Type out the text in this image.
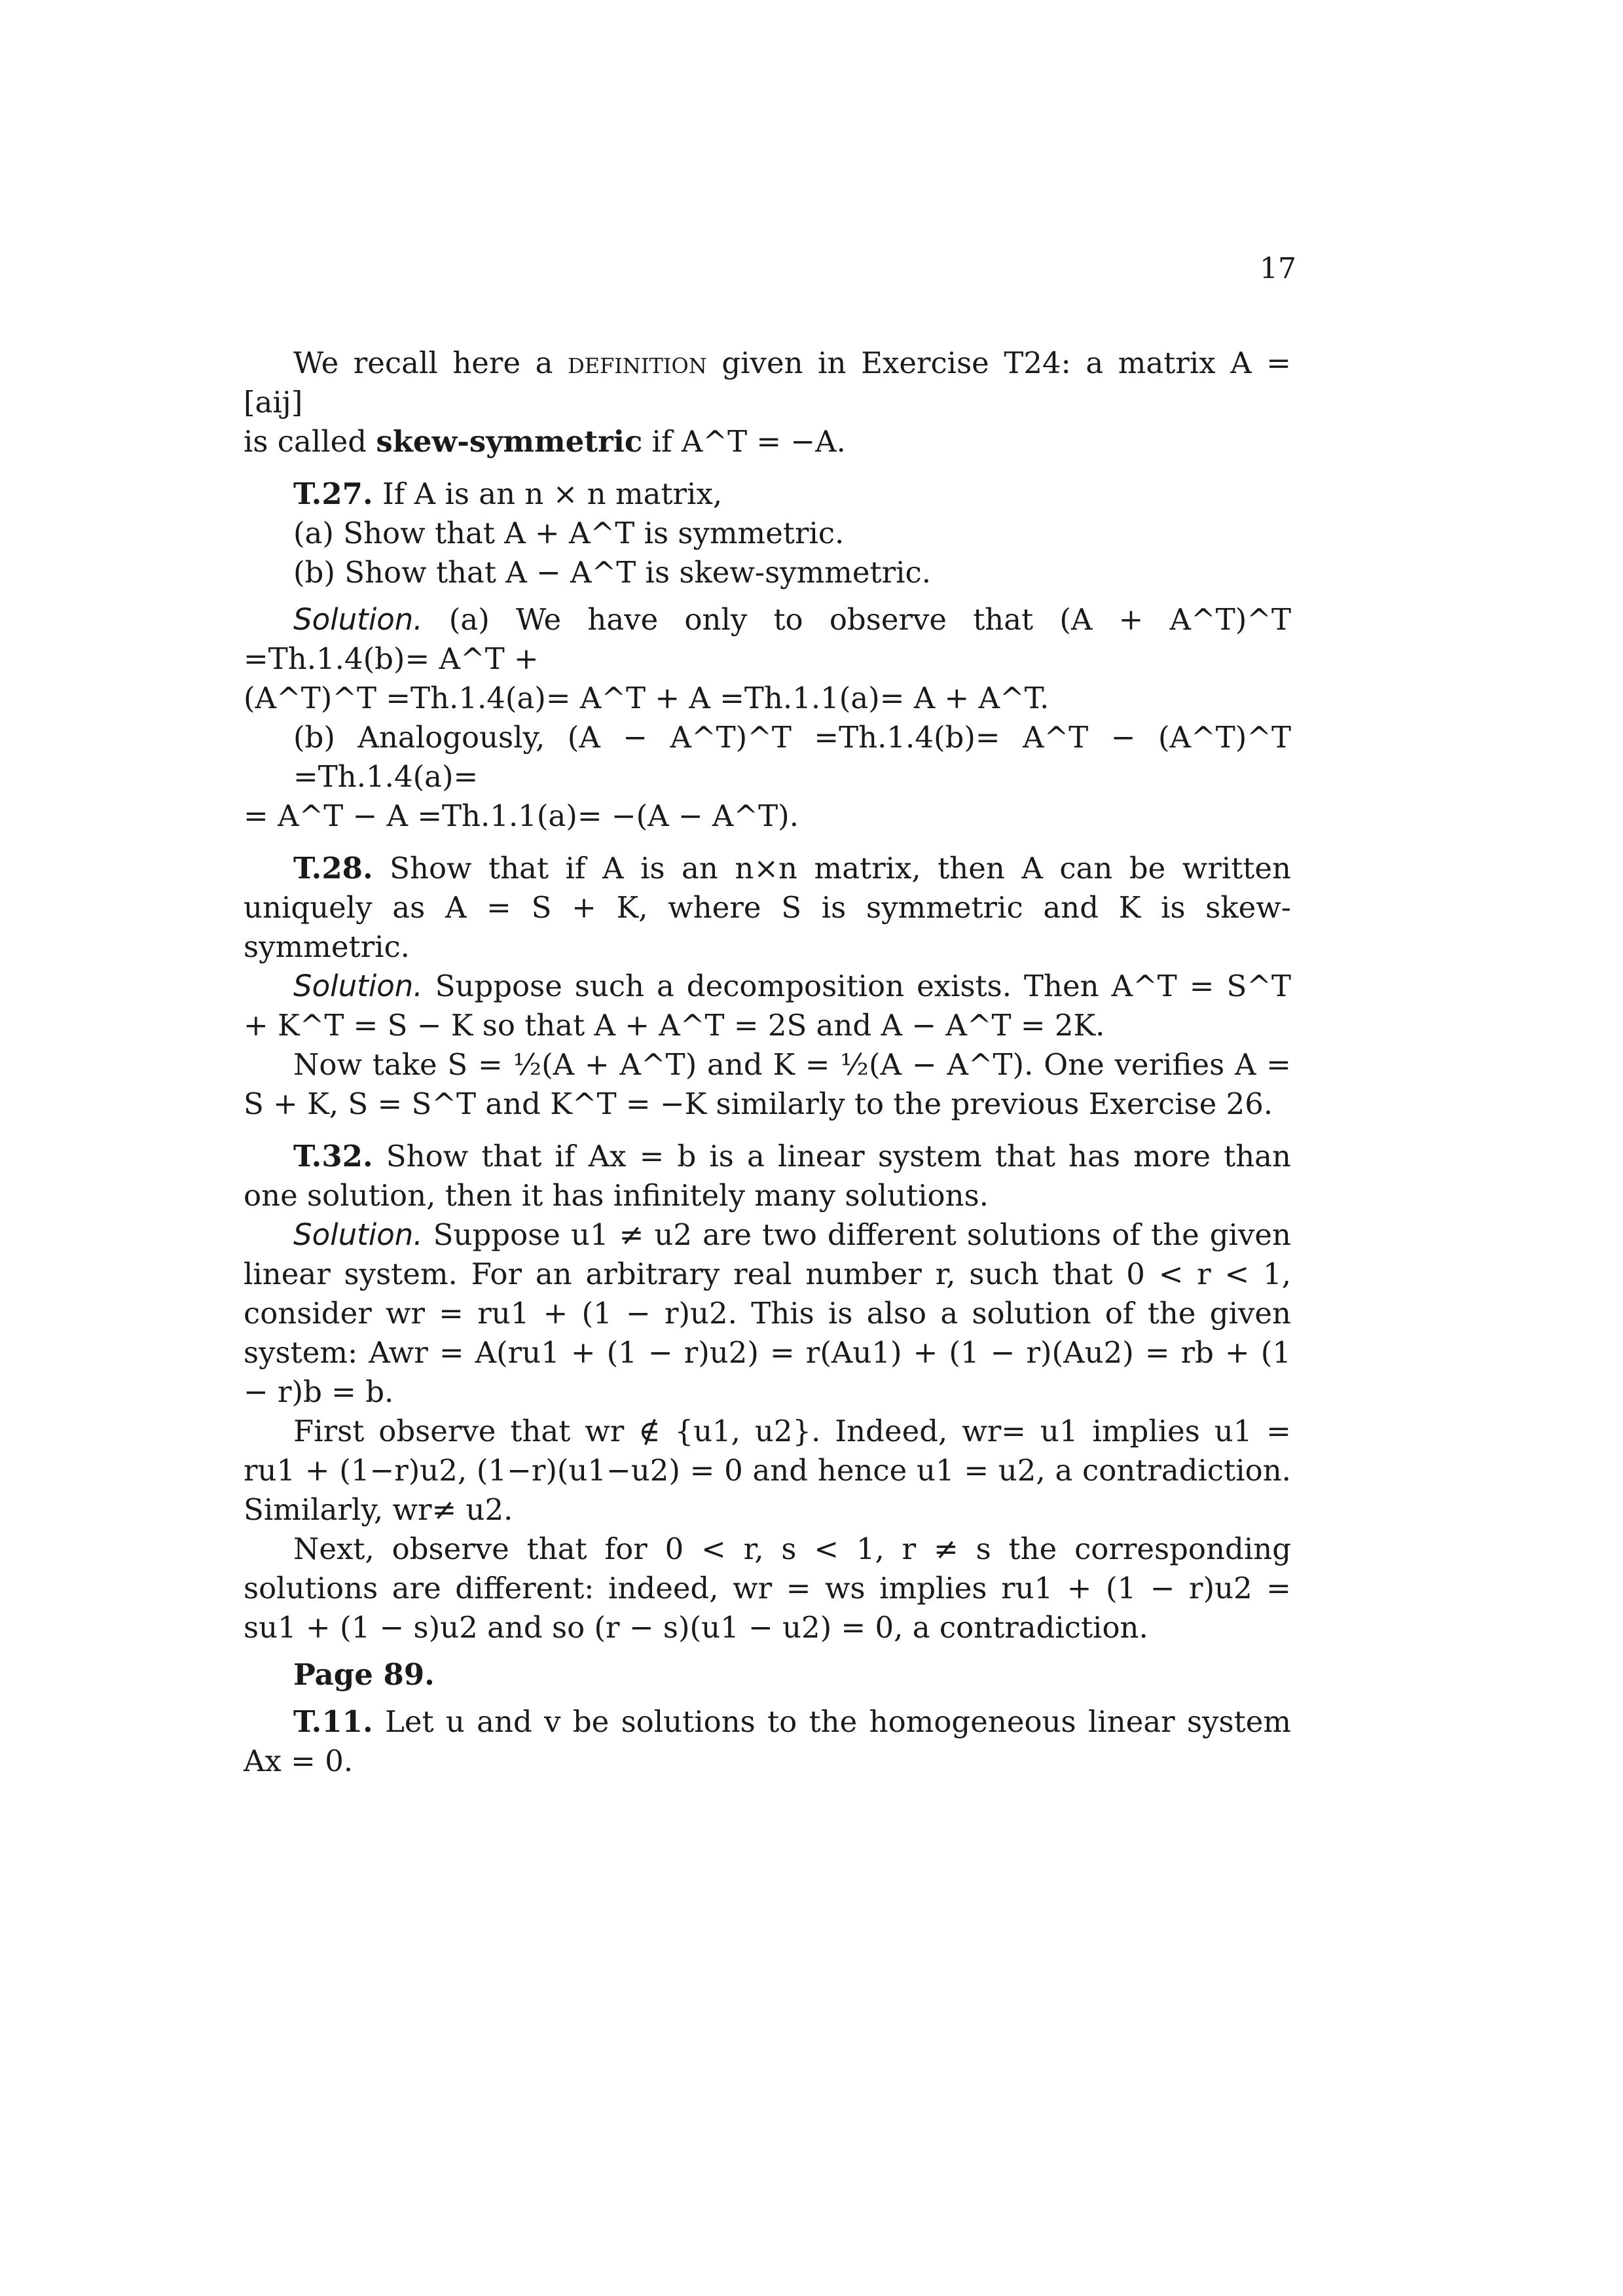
17

We recall here a definition given in Exercise T24: a matrix A = [aij]
is called skew-symmetric if A^T = −A.

T.27. If A is an n × n matrix,

(a) Show that A + A^T is symmetric.

(b) Show that A − A^T is skew-symmetric.

Solution. (a) We have only to observe that (A + A^T)^T =Th.1.4(b)= A^T +

(A^T)^T =Th.1.4(a)= A^T + A =Th.1.1(a)= A + A^T.

(b) Analogously, (A − A^T)^T =Th.1.4(b)= A^T − (A^T)^T =Th.1.4(a)=

= A^T − A =Th.1.1(a)= −(A − A^T).

T.28. Show that if A is an n×n matrix, then A can be written uniquely as A = S + K, where S is symmetric and K is skew-symmetric.

Solution. Suppose such a decomposition exists. Then A^T = S^T + K^T = S − K so that A + A^T = 2S and A − A^T = 2K.

Now take S = ½(A + A^T) and K = ½(A − A^T). One verifies A = S + K, S = S^T and K^T = −K similarly to the previous Exercise 26.

T.32. Show that if Ax = b is a linear system that has more than one solution, then it has infinitely many solutions.

Solution. Suppose u1 ≠ u2 are two different solutions of the given linear system. For an arbitrary real number r, such that 0 < r < 1, consider wr = ru1 + (1 − r)u2. This is also a solution of the given system: Awr = A(ru1 + (1 − r)u2) = r(Au1) + (1 − r)(Au2) = rb + (1 − r)b = b.

First observe that wr ∉ {u1, u2}. Indeed, wr= u1 implies u1 = ru1 + (1−r)u2, (1−r)(u1−u2) = 0 and hence u1 = u2, a contradiction. Similarly, wr≠ u2.

Next, observe that for 0 < r, s < 1, r ≠ s the corresponding solutions are different: indeed, wr = ws implies ru1 + (1 − r)u2 = su1 + (1 − s)u2 and so (r − s)(u1 − u2) = 0, a contradiction.

Page 89.

T.11. Let u and v be solutions to the homogeneous linear system Ax = 0.
